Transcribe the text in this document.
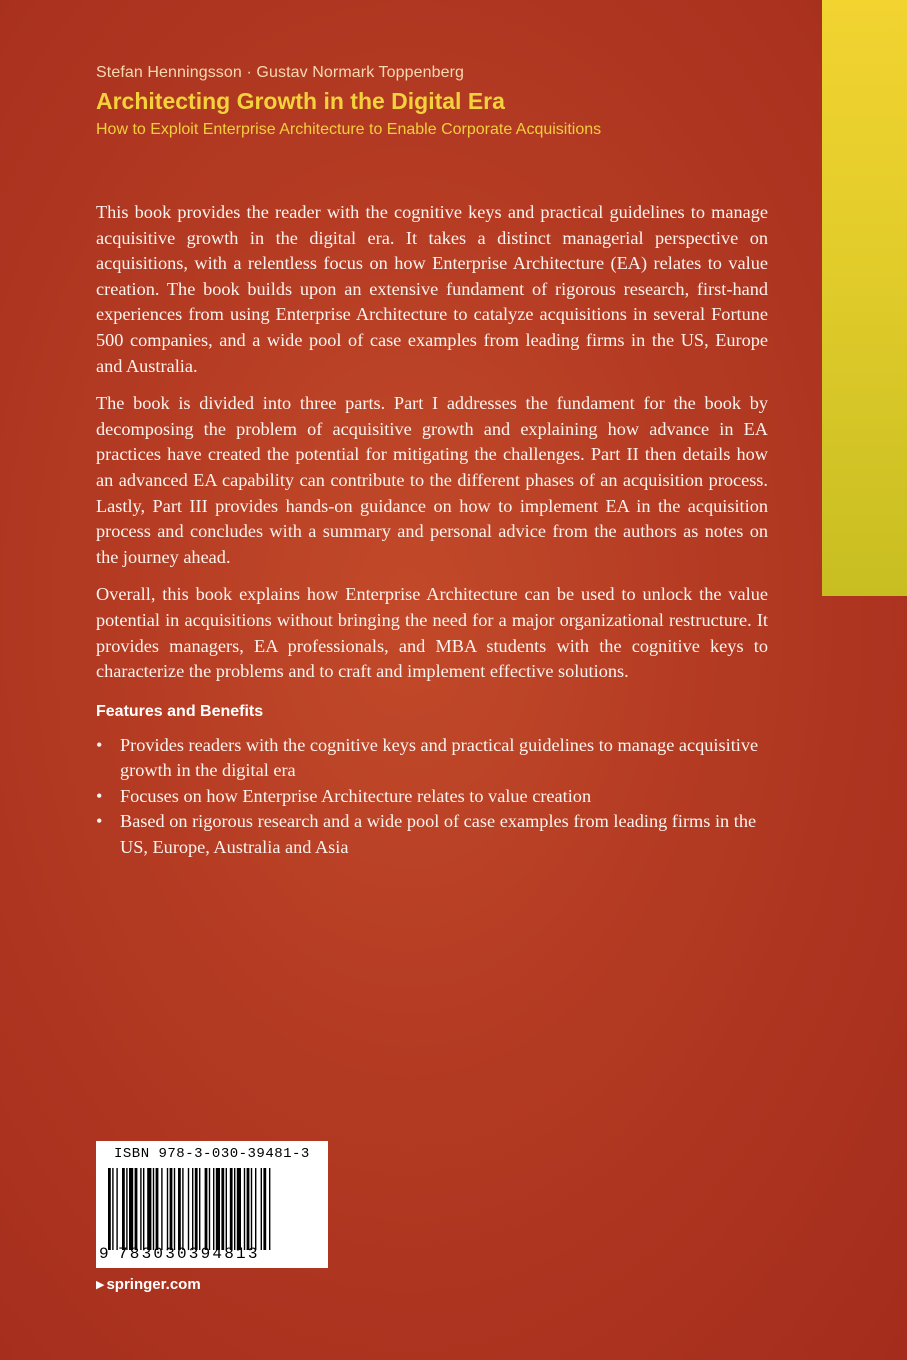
Stefan Henningsson · Gustav Normark Toppenberg

Architecting Growth in the Digital Era

How to Exploit Enterprise Architecture to Enable Corporate Acquisitions

This book provides the reader with the cognitive keys and practical guidelines to manage acquisitive growth in the digital era. It takes a distinct managerial perspective on acquisitions, with a relentless focus on how Enterprise Architecture (EA) relates to value creation. The book builds upon an extensive fundament of rigorous research, first-hand experiences from using Enterprise Architecture to catalyze acquisitions in several Fortune 500 companies, and a wide pool of case examples from leading firms in the US, Europe and Australia.

The book is divided into three parts. Part I addresses the fundament for the book by decomposing the problem of acquisitive growth and explaining how advance in EA practices have created the potential for mitigating the challenges. Part II then details how an advanced EA capability can contribute to the different phases of an acquisition process. Lastly, Part III provides hands-on guidance on how to implement EA in the acquisition process and concludes with a summary and personal advice from the authors as notes on the journey ahead.

Overall, this book explains how Enterprise Architecture can be used to unlock the value potential in acquisitions without bringing the need for a major organizational restructure. It provides managers, EA professionals, and MBA students with the cognitive keys to characterize the problems and to craft and implement effective solutions.

Features and Benefits
• Provides readers with the cognitive keys and practical guidelines to manage acquisitive growth in the digital era
• Focuses on how Enterprise Architecture relates to value creation
• Based on rigorous research and a wide pool of case examples from leading firms in the US, Europe, Australia and Asia
ISBN 978-3-030-39481-3
9 783030394813
▶ springer.com
